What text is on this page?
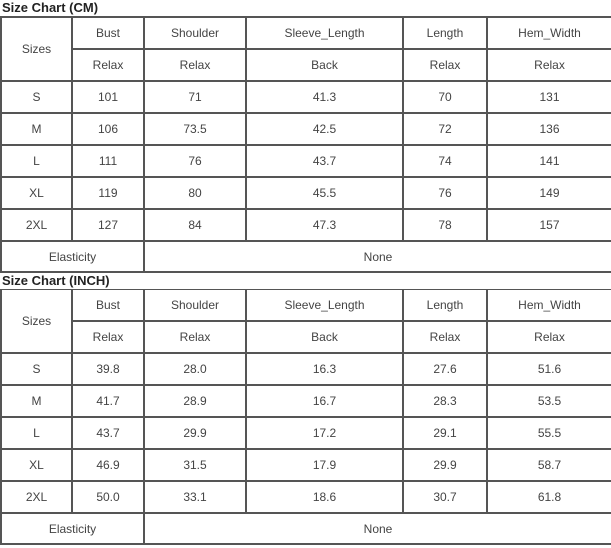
Size Chart (CM)
Sizes	Bust	Shoulder	Sleeve_Length	Length	Hem_Width
	Relax	Relax	Back	Relax	Relax
S	101	71	41.3	70	131
M	106	73.5	42.5	72	136
L	111	76	43.7	74	141
XL	119	80	45.5	76	149
2XL	127	84	47.3	78	157
Elasticity		None			
Size Chart (INCH)
Sizes	Bust	Shoulder	Sleeve_Length	Length	Hem_Width
	Relax	Relax	Back	Relax	Relax
S	39.8	28.0	16.3	27.6	51.6
M	41.7	28.9	16.7	28.3	53.5
L	43.7	29.9	17.2	29.1	55.5
XL	46.9	31.5	17.9	29.9	58.7
2XL	50.0	33.1	18.6	30.7	61.8
Elasticity		None			
